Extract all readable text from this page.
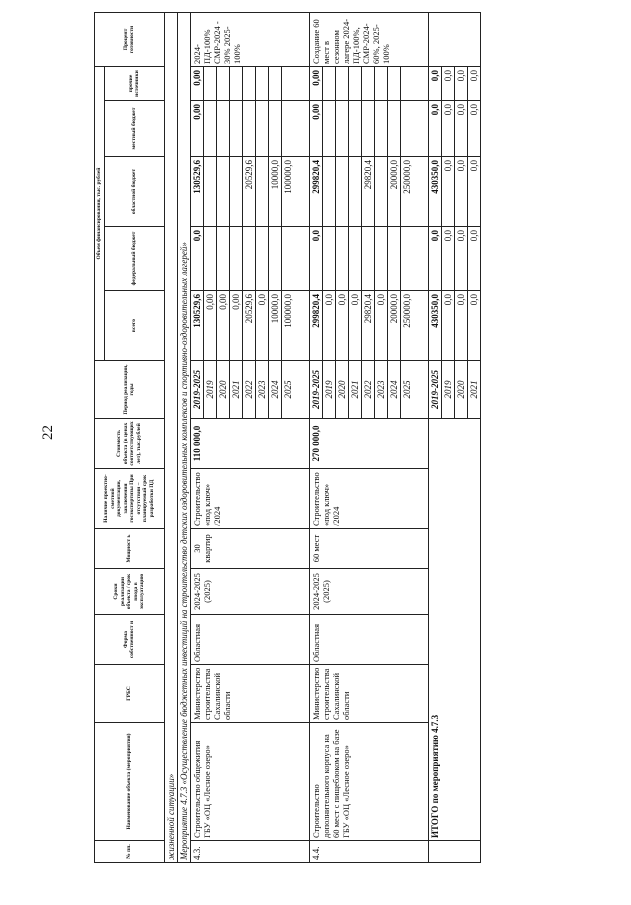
22
№ пп.	Наименование объекта (мероприятия)	ГРБС	Форма собственност и	Сроки реализации объекта / срок ввода в эксплуатацию	Мощност ь	Наличие проектно-сметной документации, заключения госэкспертизы При отсутствии – планируемый срок разработки ПД	Стоимость объекта (в ценах соответствующих лет), тыс.рублей	Период реализации, годы	Объем финансирования, тыс. рублей					Процент готовности
									всего	федеральный бюджет	областной бюджет	местный бюджет	прочие источники	
жизненной ситуации»														
Мероприятие 4.7.3 «Осуществление бюджетных инвестиций на строительство детских оздоровительных комплексов и спортивно-оздоровительных лагерей»														
4.3.	Строительство общежития ГБУ «ОЦ «Лесное озеро»	Министерство строительства Сахалинской области	Областная	2024-2025 (2025)	30 квартир	Строительство «под ключ» /2024	110 000,0	2019-2025	130529,6	0,0	130529,6	0,00	0,00	2024-ПД-100% СМР-2024 - 30% 2025-100%
								2019	0,00					
								2020	0,00					
								2021	0,00					
								2022	20529,6		20529,6			
								2023	0,0					
								2024	10000,0		10000,0			
								2025	100000,0		100000,0			
4.4.	Строительство дополнительного корпуса на 60 мест с пищеблоком на базе ГБУ «ОЦ «Лесное озеро»	Министерство строительства Сахалинской области	Областная	2024-2025 (2025)	60 мест	Строительство «под ключ» /2024	270 000,0	2019-2025	299820,4	0,0	299820,4	0,00	0,00	Создание 60 мест в сезонном лагере 2024-ПД-100%, СМР-2024-60%, 2025-100%
								2019	0,0					
								2020	0,0					
								2021	0,0					
								2022	29820,4		29820,4			
								2023	0,0					
								2024	20000,0		20000,0			
								2025	250000,0		250000,0			
	ИТОГО по мероприятию 4.7.3							2019-2025	430350,0	0,0	430350,0	0,0	0,0	
								2019	0,0	0,0	0,0	0,0	0,0	
								2020	0,0	0,0	0,0	0,0	0,0	
								2021	0,0	0,0	0,0	0,0	0,0	
